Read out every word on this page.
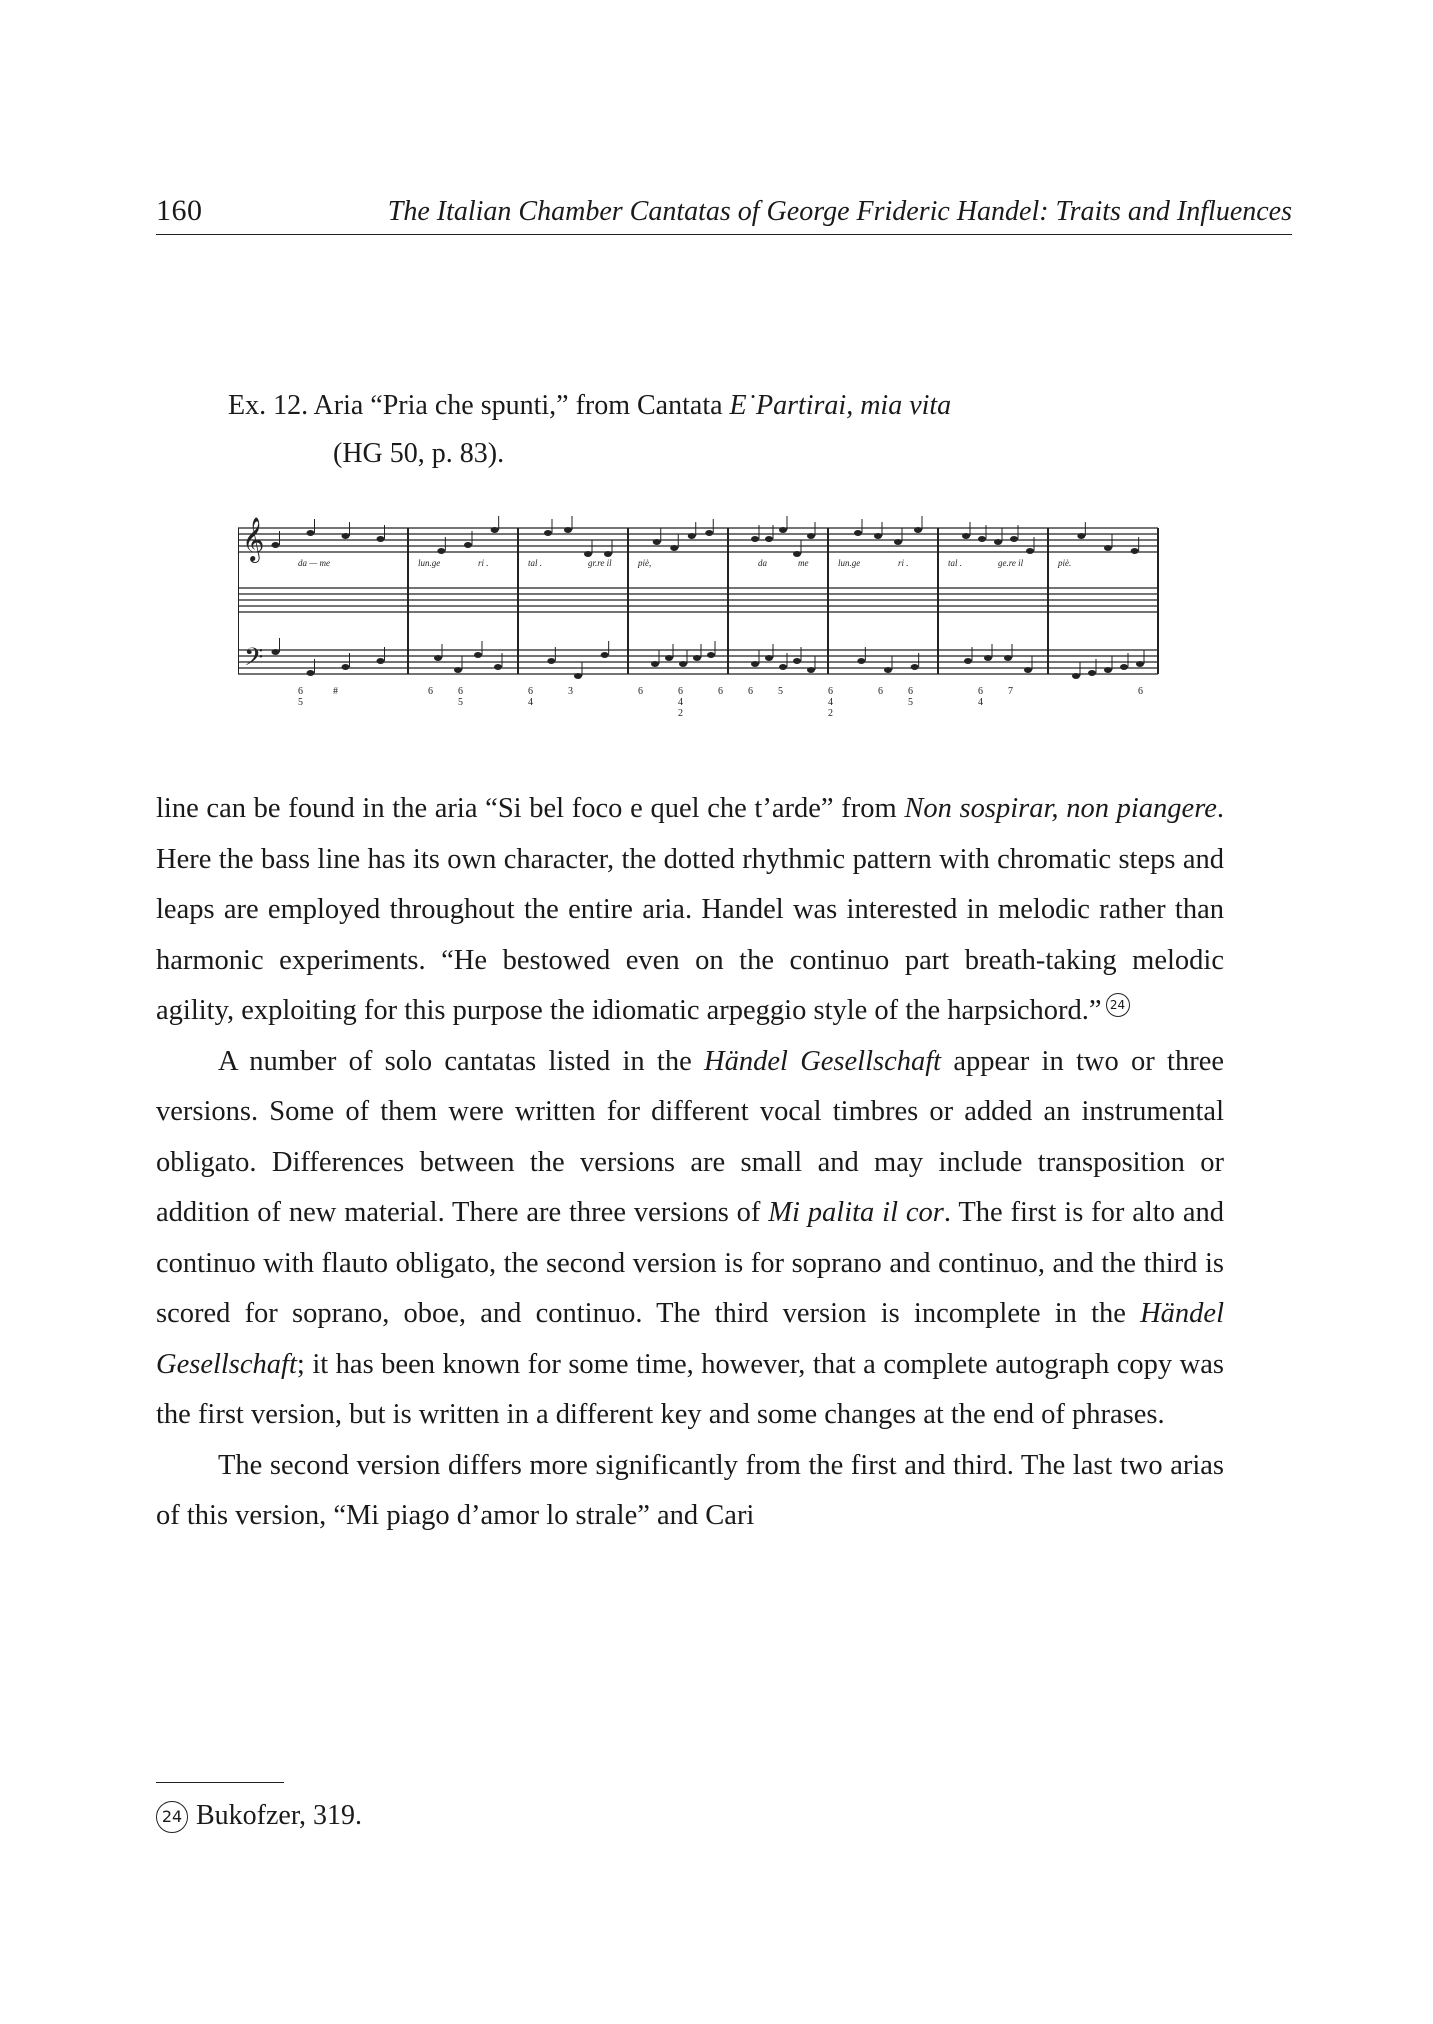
160	The Italian Chamber Cantatas of George Frideric Handel: Traits and Influences
Ex. 12. Aria “Pria che spunti,” from Cantata E˙Partirai, mia vita
(HG 50, p. 83).
da — me	lun.ge	ri .	tal .	gr.re il	piè,	da	me	lun.ge	ri .	tal .	ge.re il	piè.
6
5
#	6	6
5
6
4
3	6	6
4
2
6	6	5	6
4
2
6	6
5
6
4
7	6
𝄞
𝄢

line can be found in the aria “Si bel foco e quel che t’arde” from Non sospirar, non piangere. Here the bass line has its own character, the dotted rhythmic pattern with chromatic steps and leaps are employed throughout the entire aria. Handel was interested in melodic rather than harmonic experiments. “He bestowed even on the continuo part breath-taking melodic agility, exploiting for this purpose the idiomatic arpeggio style of the harpsichord.” 24

A number of solo cantatas listed in the Händel Gesellschaft appear in two or three versions. Some of them were written for different vocal timbres or added an instrumental obligato. Differences between the versions are small and may include transposition or addition of new material. There are three versions of Mi palita il cor. The first is for alto and continuo with flauto obligato, the second version is for soprano and continuo, and the third is scored for soprano, oboe, and continuo. The third version is incomplete in the Händel Gesellschaft; it has been known for some time, however, that a complete autograph copy was the first version, but is written in a different key and some changes at the end of phrases.

The second version differs more significantly from the first and third. The last two arias of this version, “Mi piago d’amor lo strale” and Cari

24 Bukofzer, 319.
